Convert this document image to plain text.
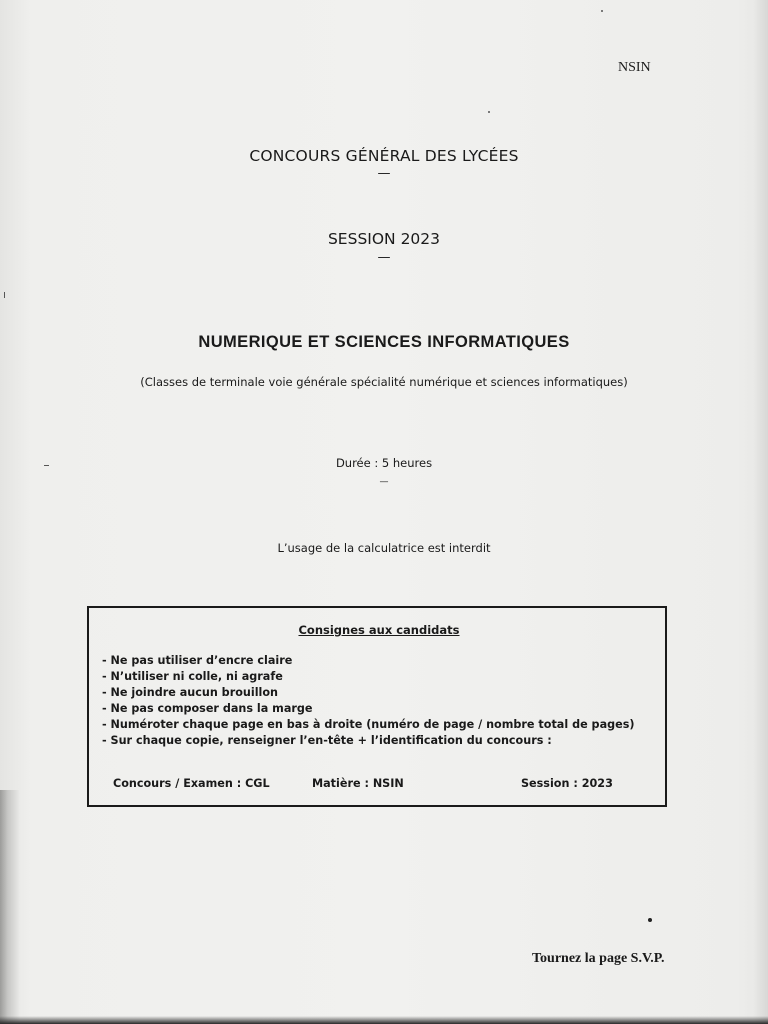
NSIN
CONCOURS GÉNÉRAL DES LYCÉES
—
SESSION 2023
—
NUMERIQUE ET SCIENCES INFORMATIQUES
(Classes de terminale voie générale spécialité numérique et sciences informatiques)
Durée : 5 heures
—
L’usage de la calculatrice est interdit
Consignes aux candidats
- Ne pas utiliser d’encre claire
- N’utiliser ni colle, ni agrafe
- Ne joindre aucun brouillon
- Ne pas composer dans la marge
- Numéroter chaque page en bas à droite (numéro de page / nombre total de pages)
- Sur chaque copie, renseigner l’en-tête + l’identification du concours :
Concours / Examen : CGL	Matière : NSIN	Session : 2023
Tournez la page S.V.P.
